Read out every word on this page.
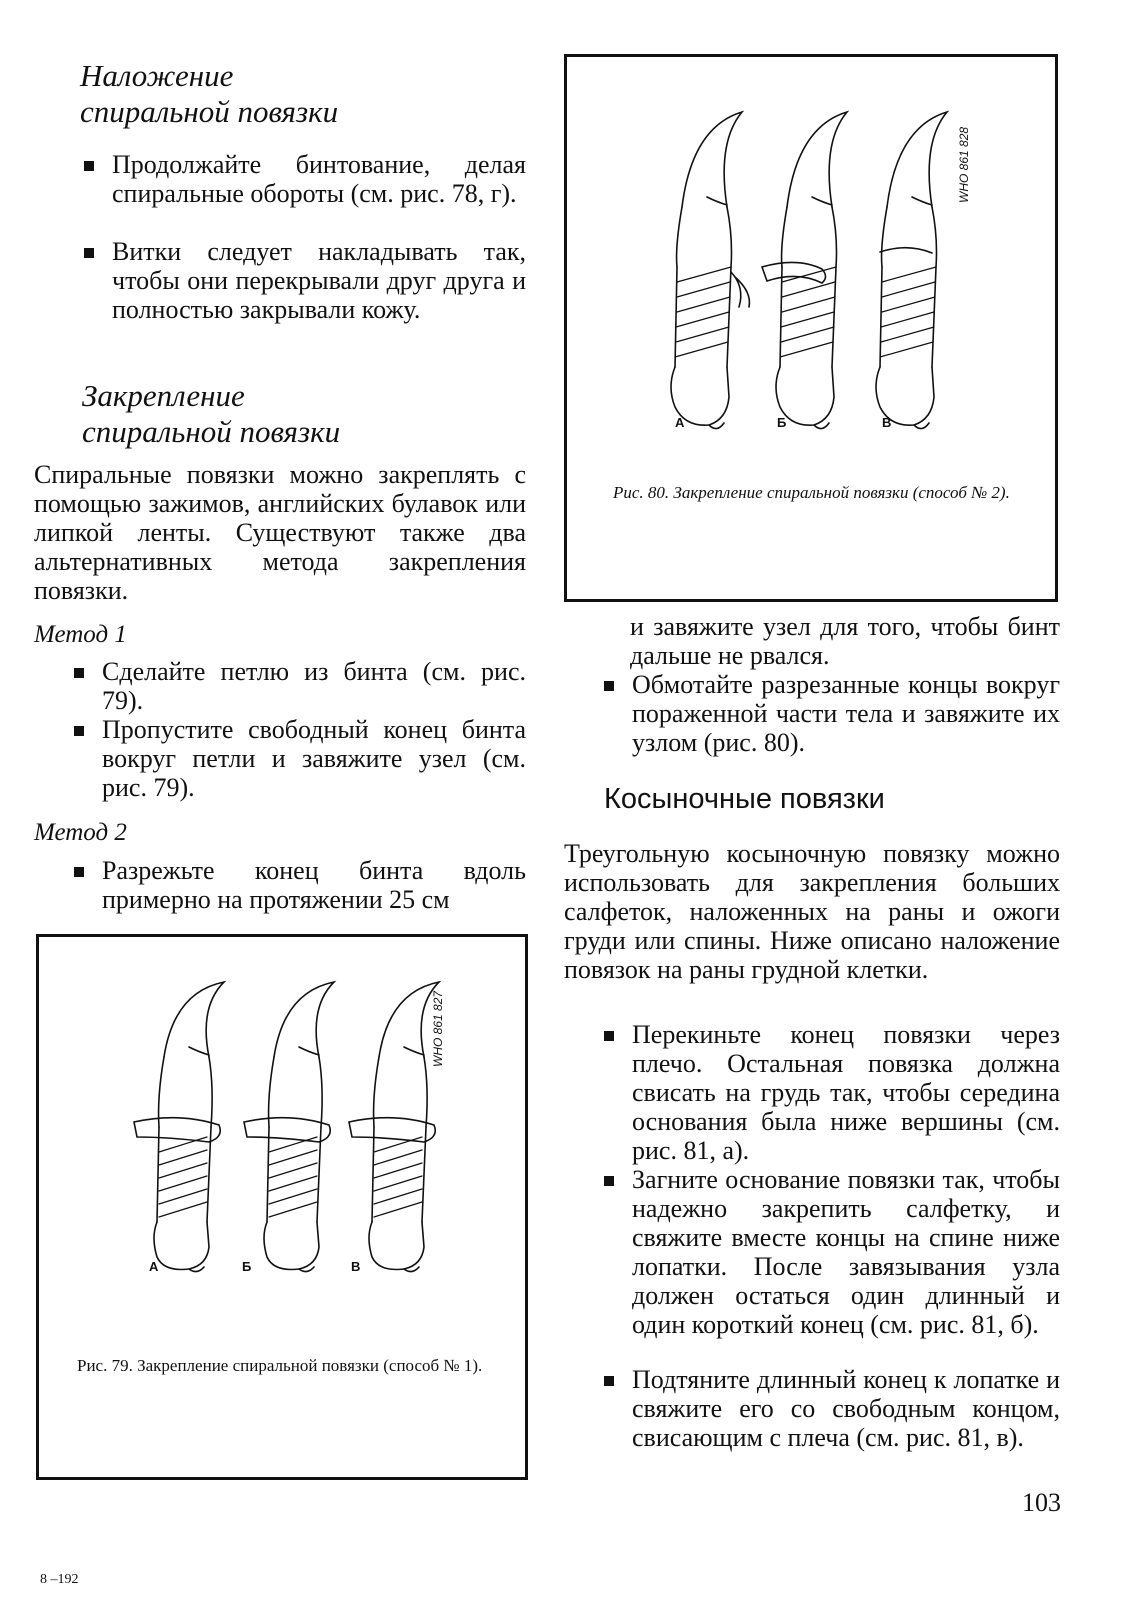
Наложение
спиральной повязки
Продолжайте бинтование, делая спиральные обороты (см. рис. 78, г).
Витки следует накладывать так, чтобы они перекрывали друг друга и полностью закрывали кожу.
Закрепление
спиральной повязки
Спиральные повязки можно закреплять с помощью зажимов, английских булавок или липкой ленты. Существуют также два альтернативных метода закрепления повязки.
Метод 1
Сделайте петлю из бинта (см. рис. 79).
Пропустите свободный конец бинта вокруг петли и завяжите узел (см. рис. 79).
Метод 2
Разрежьте конец бинта вдоль примерно на протяжении 25 см
WHO 861 827
А	Б	В
Рис. 79. Закрепление спиральной повязки (способ № 1).
WHO 861 828
А	Б	В
Рис. 80. Закрепление спиральной повязки (способ № 2).
и завяжите узел для того, чтобы бинт дальше не рвался.
Обмотайте разрезанные концы вокруг пораженной части тела и завяжите их узлом (рис. 80).
Косыночные повязки
Треугольную косыночную повязку можно использовать для закрепления больших салфеток, наложенных на раны и ожоги груди или спины. Ниже описано наложение повязок на раны грудной клетки.
Перекиньте конец повязки через плечо. Остальная повязка должна свисать на грудь так, чтобы середина основания была ниже вершины (см. рис. 81, а).
Загните основание повязки так, чтобы надежно закрепить салфетку, и свяжите вместе концы на спине ниже лопатки. После завязывания узла должен остаться один длинный и один короткий конец (см. рис. 81, б).
Подтяните длинный конец к лопатке и свяжите его со свободным концом, свисающим с плеча (см. рис. 81, в).
103
8 –192
